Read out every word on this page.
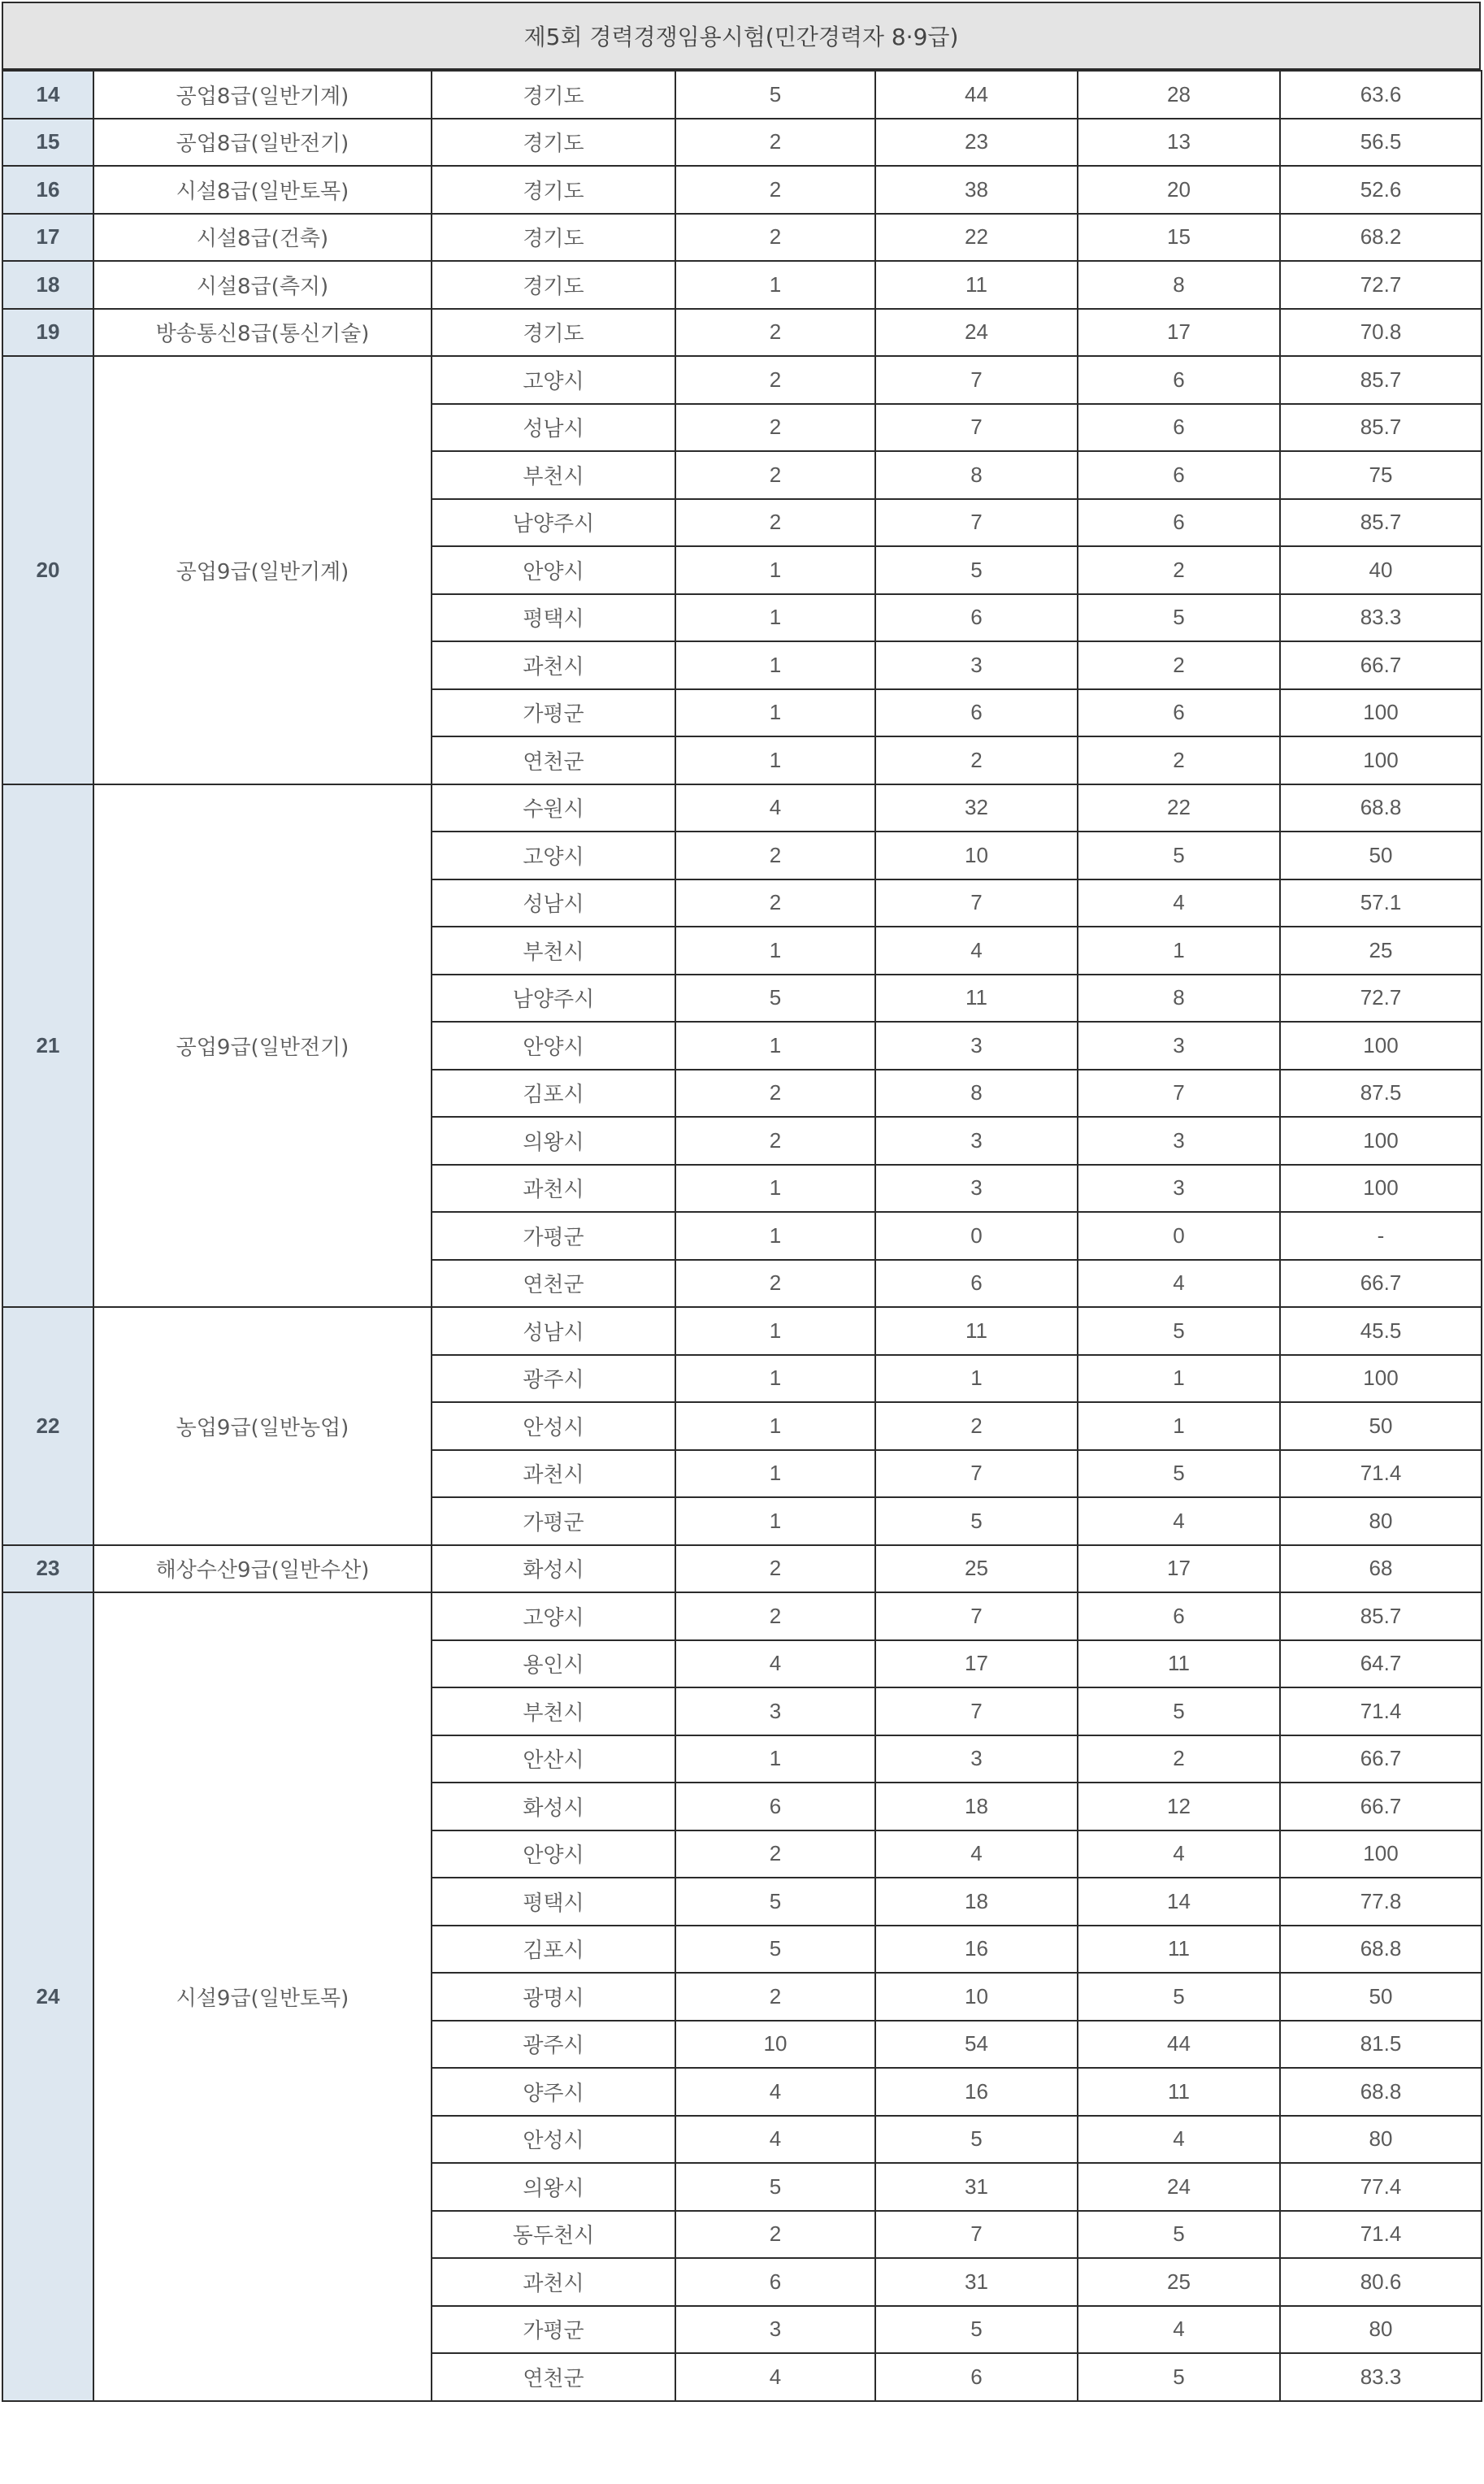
제5회 경력경쟁임용시험(민간경력자 8·9급)
14	공업8급(일반기계)	경기도	5	44	28	63.6
15	공업8급(일반전기)	경기도	2	23	13	56.5
16	시설8급(일반토목)	경기도	2	38	20	52.6
17	시설8급(건축)	경기도	2	22	15	68.2
18	시설8급(측지)	경기도	1	11	8	72.7
19	방송통신8급(통신기술)	경기도	2	24	17	70.8
20	공업9급(일반기계)	고양시	2	7	6	85.7
		성남시	2	7	6	85.7
		부천시	2	8	6	75
		남양주시	2	7	6	85.7
		안양시	1	5	2	40
		평택시	1	6	5	83.3
		과천시	1	3	2	66.7
		가평군	1	6	6	100
		연천군	1	2	2	100
21	공업9급(일반전기)	수원시	4	32	22	68.8
		고양시	2	10	5	50
		성남시	2	7	4	57.1
		부천시	1	4	1	25
		남양주시	5	11	8	72.7
		안양시	1	3	3	100
		김포시	2	8	7	87.5
		의왕시	2	3	3	100
		과천시	1	3	3	100
		가평군	1	0	0	-
		연천군	2	6	4	66.7
22	농업9급(일반농업)	성남시	1	11	5	45.5
		광주시	1	1	1	100
		안성시	1	2	1	50
		과천시	1	7	5	71.4
		가평군	1	5	4	80
23	해상수산9급(일반수산)	화성시	2	25	17	68
24	시설9급(일반토목)	고양시	2	7	6	85.7
		용인시	4	17	11	64.7
		부천시	3	7	5	71.4
		안산시	1	3	2	66.7
		화성시	6	18	12	66.7
		안양시	2	4	4	100
		평택시	5	18	14	77.8
		김포시	5	16	11	68.8
		광명시	2	10	5	50
		광주시	10	54	44	81.5
		양주시	4	16	11	68.8
		안성시	4	5	4	80
		의왕시	5	31	24	77.4
		동두천시	2	7	5	71.4
		과천시	6	31	25	80.6
		가평군	3	5	4	80
		연천군	4	6	5	83.3
